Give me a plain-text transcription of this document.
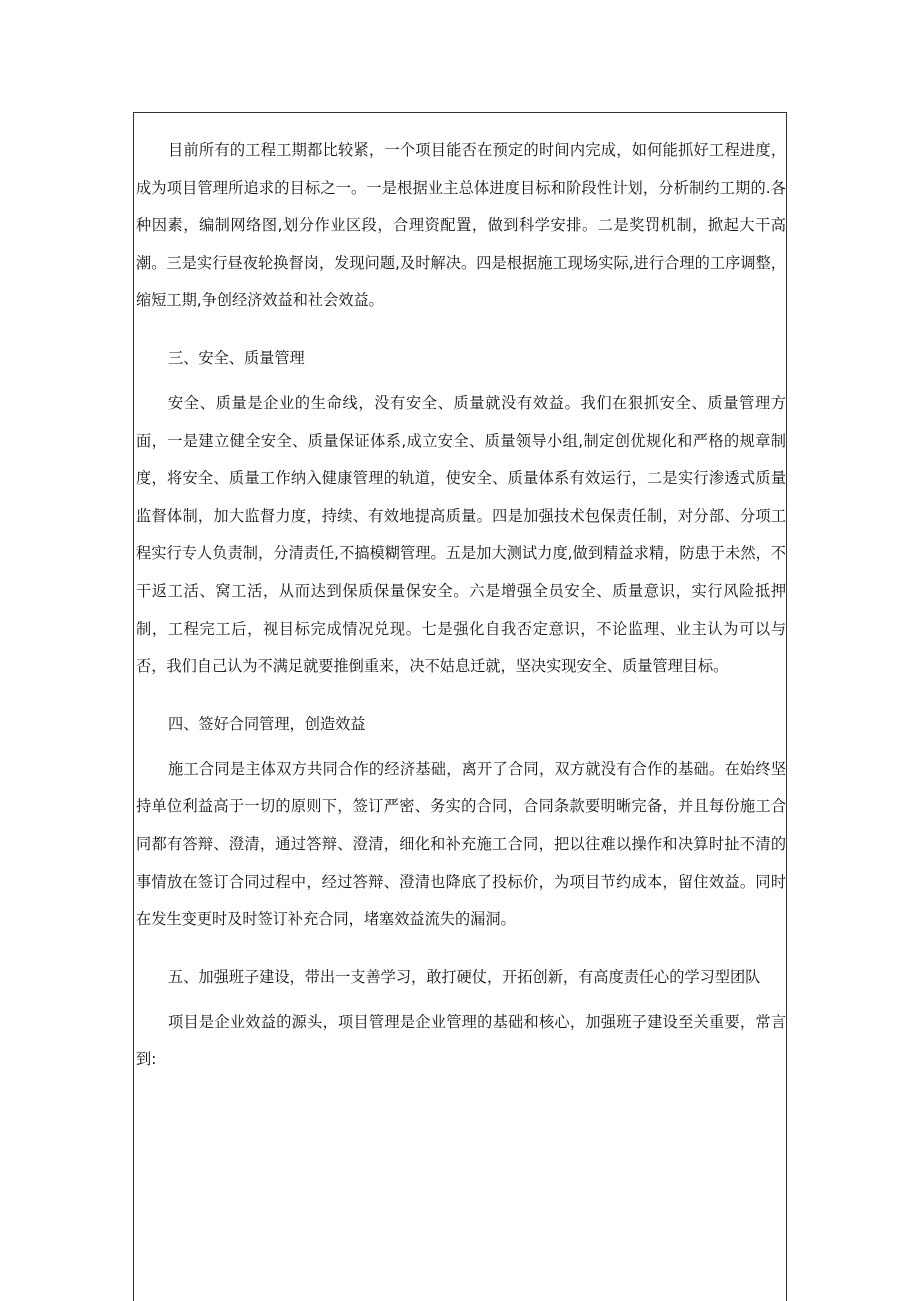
目前所有的工程工期都比较紧，一个项目能否在预定的时间内完成，如何能抓好工程进度，成为项目管理所追求的目标之一。一是根据业主总体进度目标和阶段性计划，分析制约工期的.各种因素，编制网络图,划分作业区段，合理资配置，做到科学安排。二是奖罚机制，掀起大干高潮。三是实行昼夜轮换督岗，发现问题,及时解决。四是根据施工现场实际,进行合理的工序调整，缩短工期,争创经济效益和社会效益。

三、安全、质量管理

安全、质量是企业的生命线，没有安全、质量就没有效益。我们在狠抓安全、质量管理方面，一是建立健全安全、质量保证体系,成立安全、质量领导小组,制定创优规化和严格的规章制度，将安全、质量工作纳入健康管理的轨道，使安全、质量体系有效运行，二是实行渗透式质量监督体制，加大监督力度，持续、有效地提高质量。四是加强技术包保责任制，对分部、分项工程实行专人负责制，分清责任,不搞模糊管理。五是加大测试力度,做到精益求精，防患于未然，不干返工活、窝工活，从而达到保质保量保安全。六是增强全员安全、质量意识，实行风险抵押制，工程完工后，视目标完成情况兑现。七是强化自我否定意识，不论监理、业主认为可以与否，我们自己认为不满足就要推倒重来，决不姑息迁就，坚决实现安全、质量管理目标。

四、签好合同管理，创造效益

施工合同是主体双方共同合作的经济基础，离开了合同，双方就没有合作的基础。在始终坚持单位利益高于一切的原则下，签订严密、务实的合同，合同条款要明晰完备，并且每份施工合同都有答辩、澄清，通过答辩、澄清，细化和补充施工合同，把以往难以操作和决算时扯不清的事情放在签订合同过程中，经过答辩、澄清也降底了投标价，为项目节约成本，留住效益。同时在发生变更时及时签订补充合同，堵塞效益流失的漏洞。

五、加强班子建设，带出一支善学习，敢打硬仗，开拓创新，有高度责任心的学习型团队

项目是企业效益的源头，项目管理是企业管理的基础和核心，加强班子建设至关重要，常言到:
